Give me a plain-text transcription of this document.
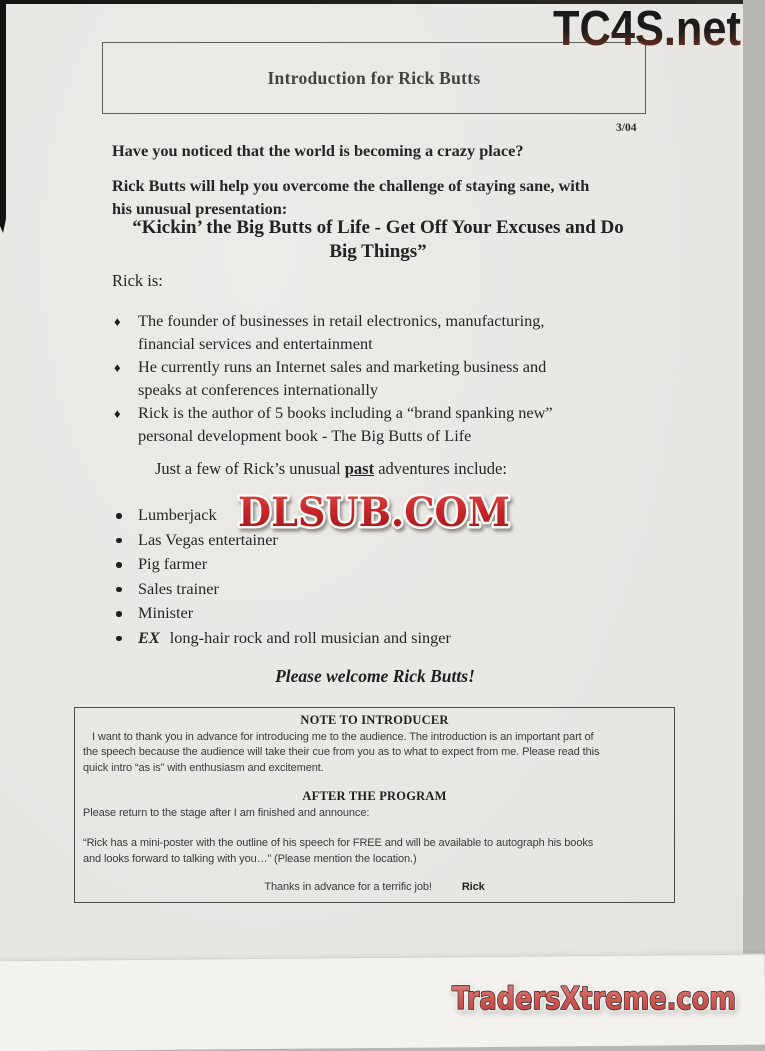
TC4S.net
Introduction for Rick Butts
3/04
Have you noticed that the world is becoming a crazy place?
Rick Butts will help you overcome the challenge of staying sane, with
his unusual presentation:
“Kickin’ the Big Butts of Life - Get Off Your Excuses and Do
Big Things”
Rick is:
♦	The founder of businesses in retail electronics, manufacturing,
financial services and entertainment
♦	He currently runs an Internet sales and marketing business and
speaks at conferences internationally
♦	Rick is the author of 5 books including a “brand spanking new”
personal development book - The Big Butts of Life
Just a few of Rick’s unusual past adventures include:
Lumberjack
Las Vegas entertainer
Pig farmer
Sales trainer
Minister
EX long-hair rock and roll musician and singer
DLSUB.COM
Please welcome Rick Butts!
NOTE TO INTRODUCER
I want to thank you in advance for introducing me to the audience. The introduction is an important part of
the speech because the audience will take their cue from you as to what to expect from me. Please read this
quick intro “as is” with enthusiasm and excitement.
AFTER THE PROGRAM
Please return to the stage after I am finished and announce:
“Rick has a mini-poster with the outline of his speech for FREE and will be available to autograph his books
and looks forward to talking with you…” (Please mention the location.)
Thanks in advance for a terrific job!	Rick
TradersXtreme.com
